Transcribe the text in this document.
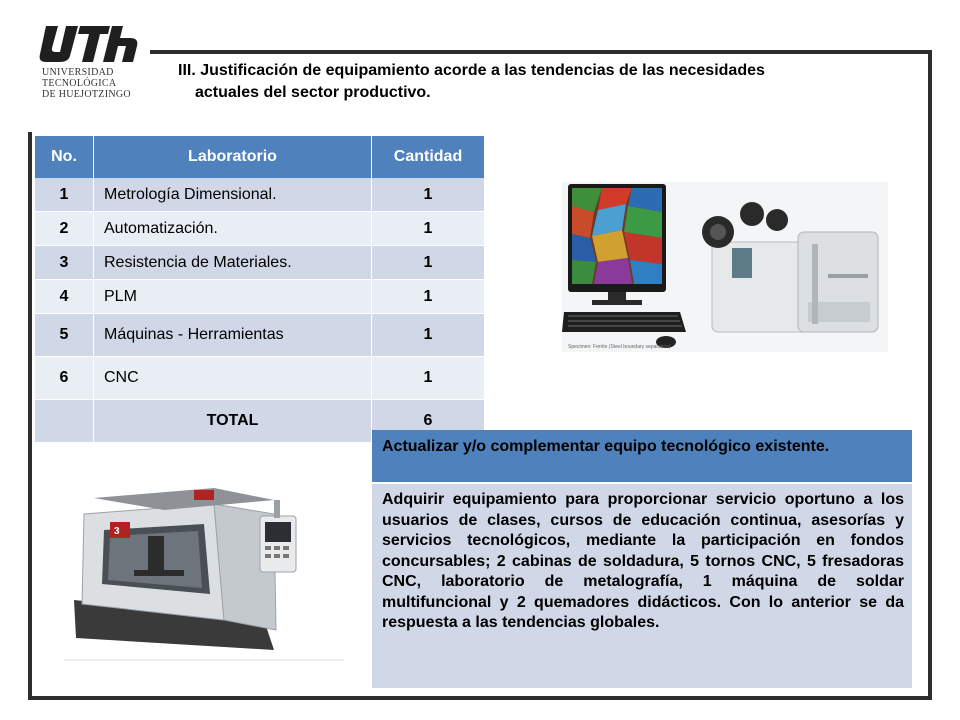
UNIVERSIDAD
TECNOLÓGICA
DE HUEJOTZINGO
III. Justificación de equipamiento acorde a las tendencias de las necesidades
actuales del sector productivo.
No.	Laboratorio	Cantidad
1	Metrología Dimensional.	1
2	Automatización.	1
3	Resistencia de Materiales.	1
4	PLM	1
5	Máquinas - Herramientas	1
6	CNC	1
	TOTAL	6
Specimen: Ferrite (Steel boundary separation)
3
Actualizar y/o complementar equipo tecnológico existente.
Adquirir equipamiento para proporcionar servicio oportuno a los usuarios de clases, cursos de educación continua, asesorías y servicios tecnológicos, mediante la participación en fondos concursables; 2 cabinas de soldadura, 5 tornos CNC, 5 fresadoras CNC, laboratorio de metalografía, 1 máquina de soldar multifuncional y 2 quemadores didácticos. Con lo anterior se da respuesta a las tendencias globales.
